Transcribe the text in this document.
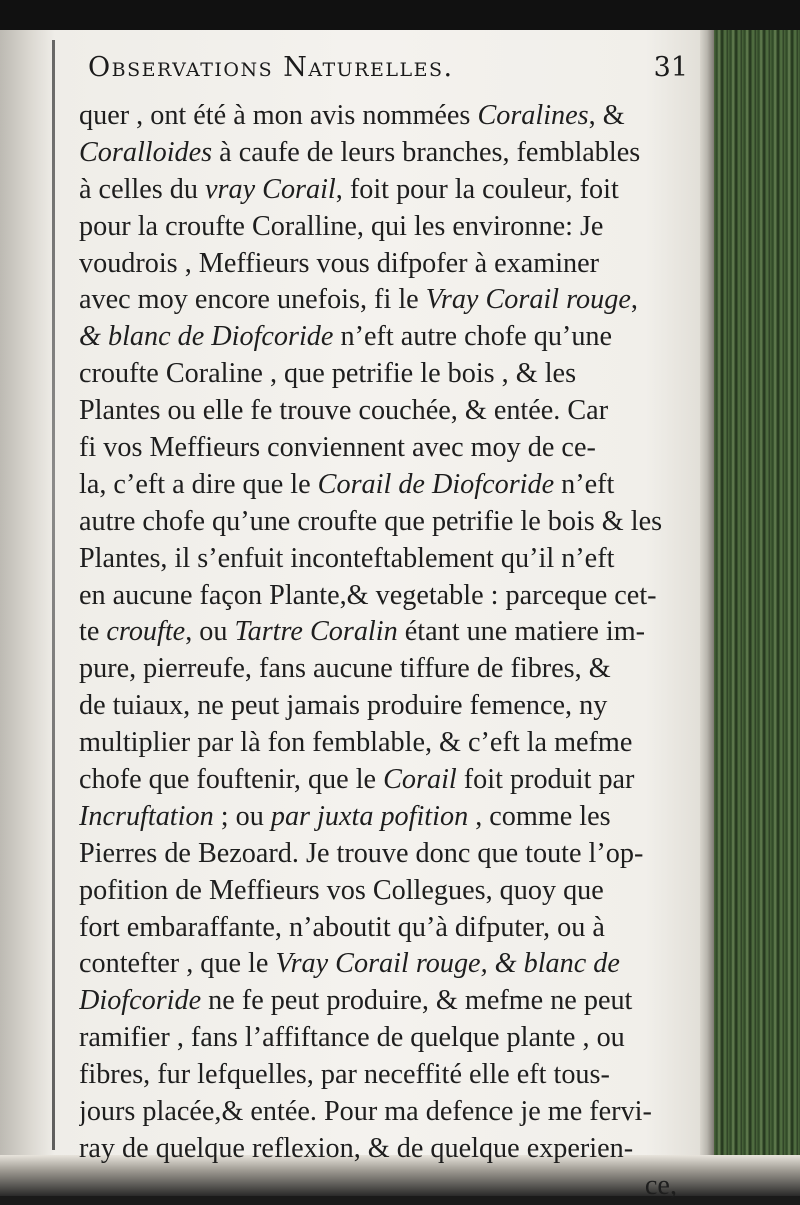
Observations Naturelles.	31
quer , ont été à mon avis nommées Coralines, &
Coralloides à caufe de leurs branches, femblables
à celles du vray Corail, foit pour la couleur, foit
pour la croufte Coralline, qui les environne: Je
voudrois , Meffieurs vous difpofer à examiner
avec moy encore unefois, fi le Vray Corail rouge,
& blanc de Diofcoride n’eft autre chofe qu’une
croufte Coraline , que petrifie le bois , & les
Plantes ou elle fe trouve couchée, & entée. Car
fi vos Meffieurs conviennent avec moy de ce-
la, c’eft a dire que le Corail de Diofcoride n’eft
autre chofe qu’une croufte que petrifie le bois & les
Plantes, il s’enfuit inconteftablement qu’il n’eft
en aucune façon Plante,& vegetable : parceque cet-
te croufte, ou Tartre Coralin étant une matiere im-
pure, pierreufe, fans aucune tiffure de fibres, &
de tuiaux, ne peut jamais produire femence, ny
multiplier par là fon femblable, & c’eft la mefme
chofe que fouftenir, que le Corail foit produit par
Incruftation ; ou par juxta pofition , comme les
Pierres de Bezoard. Je trouve donc que toute l’op-
pofition de Meffieurs vos Collegues, quoy que
fort embaraffante, n’aboutit qu’à difputer, ou à
contefter , que le Vray Corail rouge, & blanc de
Diofcoride ne fe peut produire, & mefme ne peut
ramifier , fans l’affiftance de quelque plante , ou
fibres, fur lefquelles, par neceffité elle eft tous-
jours placée,& entée. Pour ma defence je me fervi-
ray de quelque reflexion, & de quelque experien-
ce,
